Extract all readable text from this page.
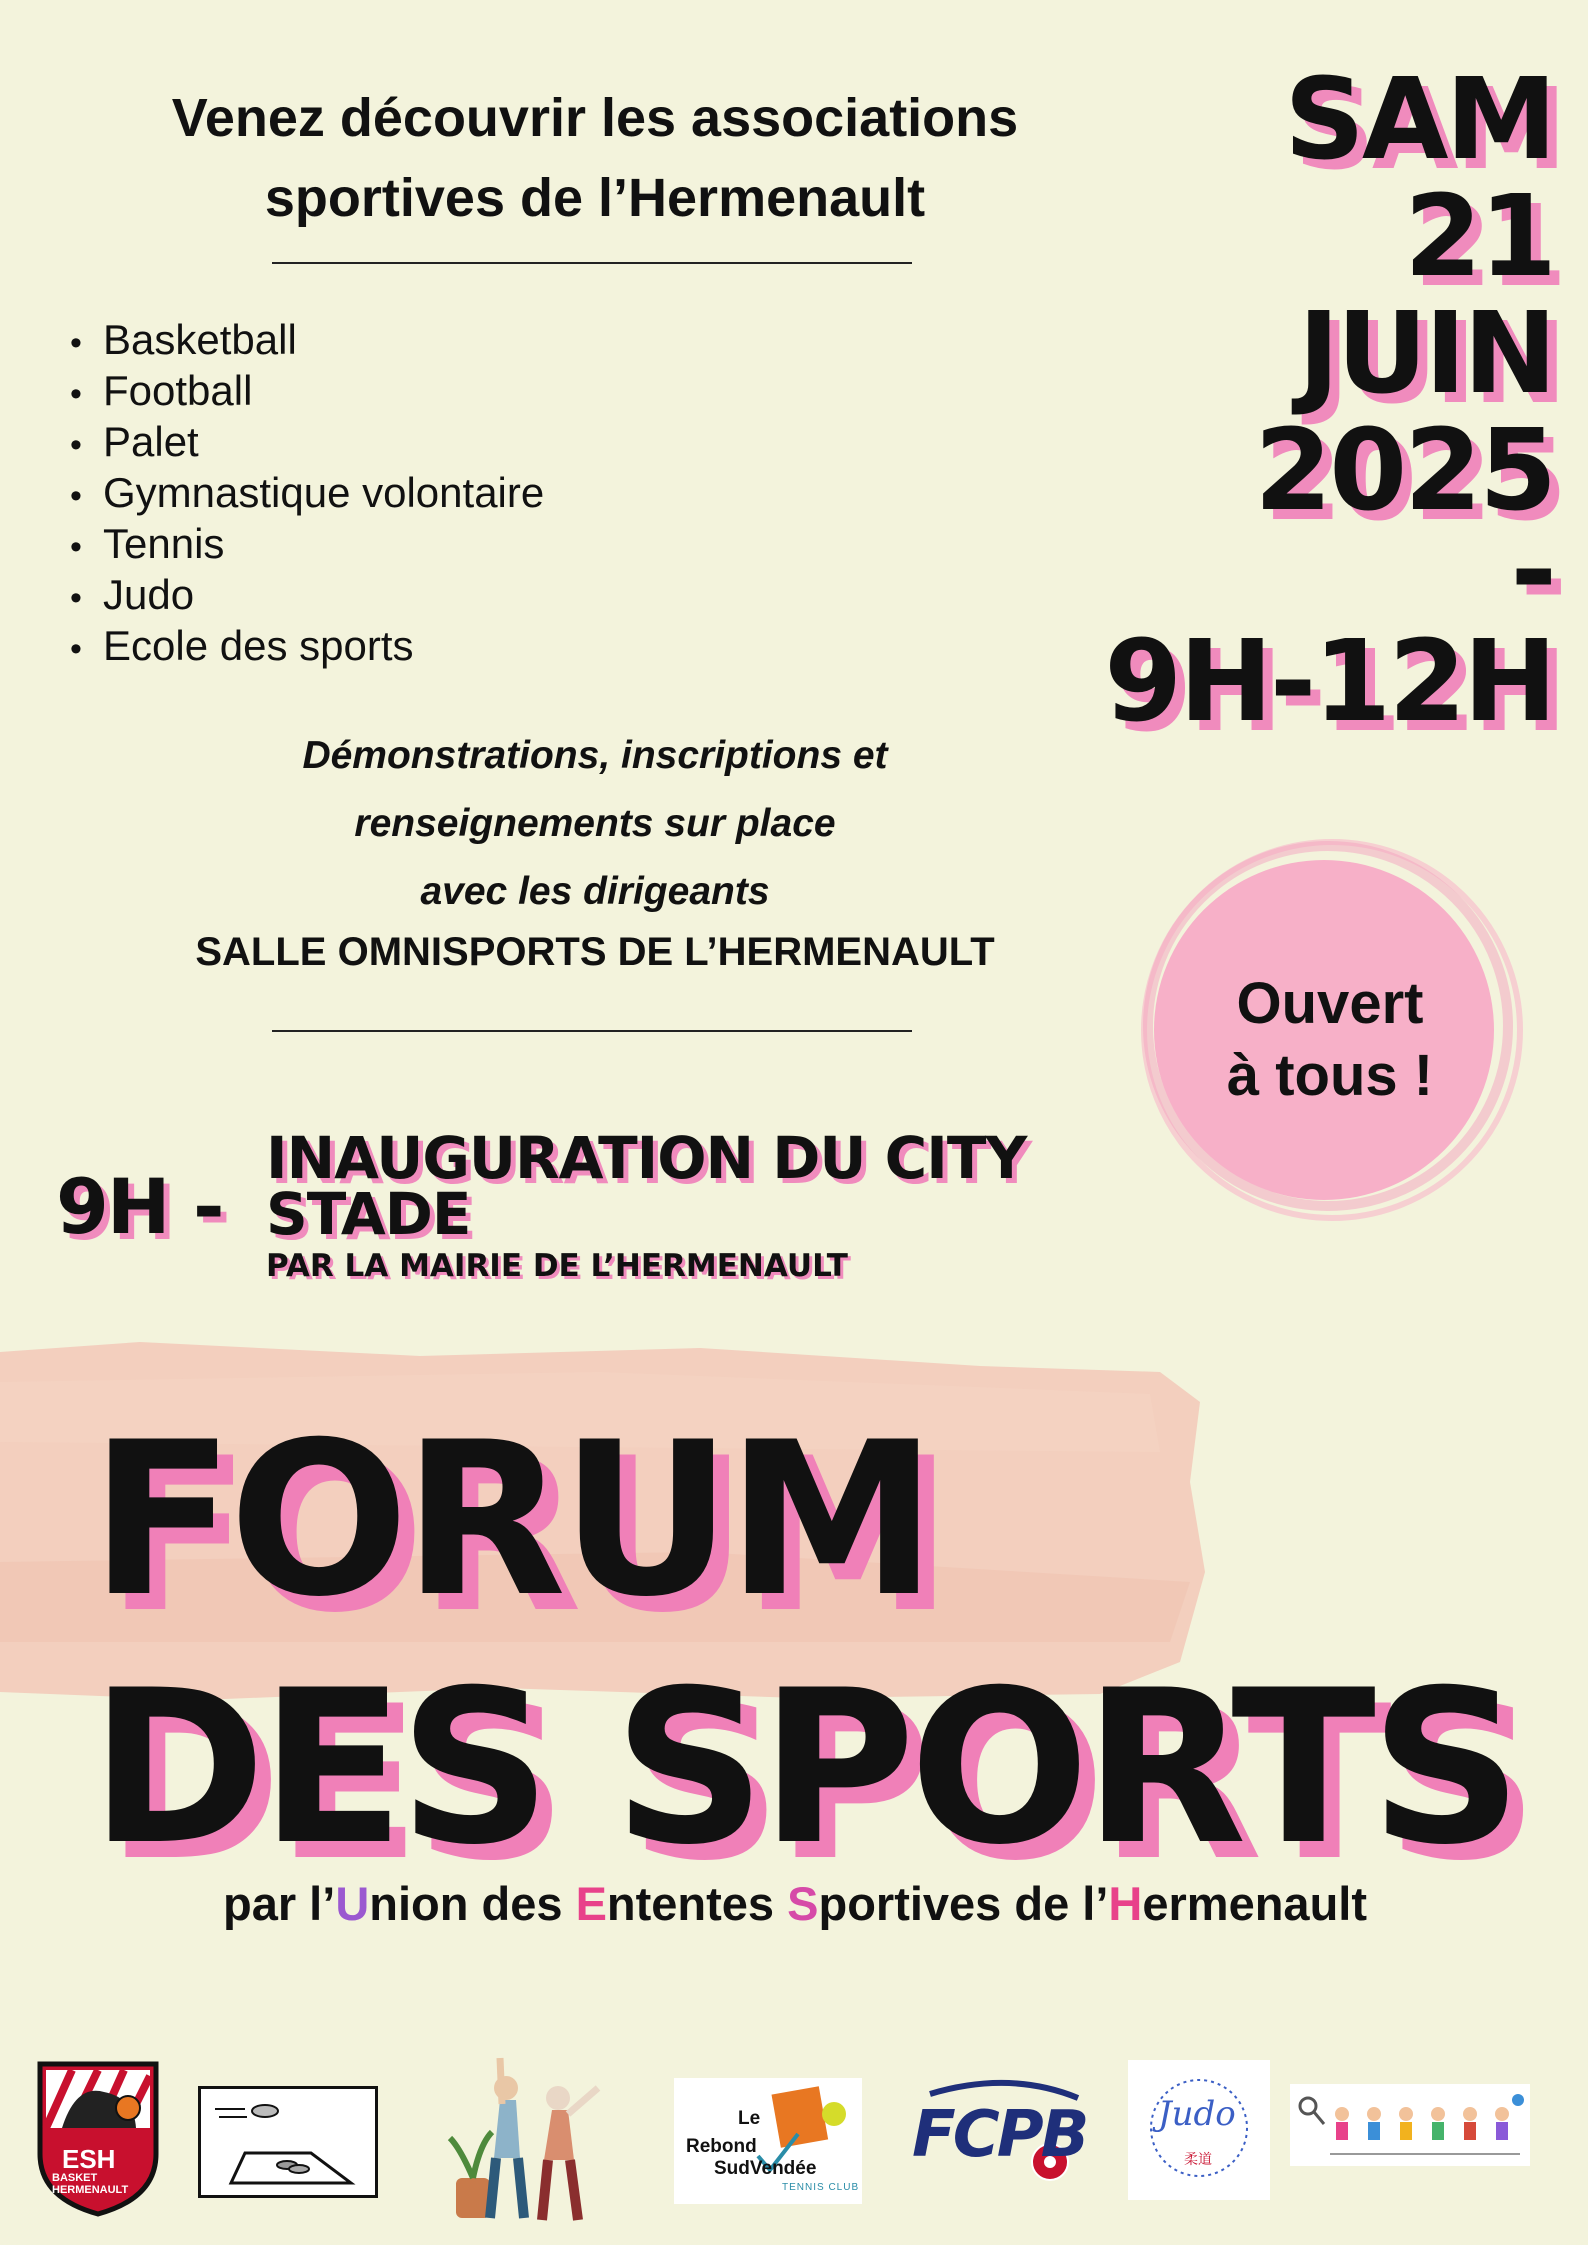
Venez découvrir les associations
sportives de l’Hermenault
• Basketball
• Football
• Palet
• Gymnastique volontaire
• Tennis
• Judo
• Ecole des sports
Démonstrations, inscriptions et
renseignements sur place
avec les dirigeants
SALLE OMNISPORTS DE L’HERMENAULT
SAM
21
JUIN
2025
-
9H-12H
Ouvert
à tous !
9H -
INAUGURATION DU CITY
STADE
PAR LA MAIRIE DE L’HERMENAULT
FORUM
DES SPORTS
par l’Union des Ententes Sportives de l’Hermenault
ESH
BASKET HERMENAULT
Le
Rebond
SudVendée
TENNIS CLUB
FCPB	柔道
Judo
